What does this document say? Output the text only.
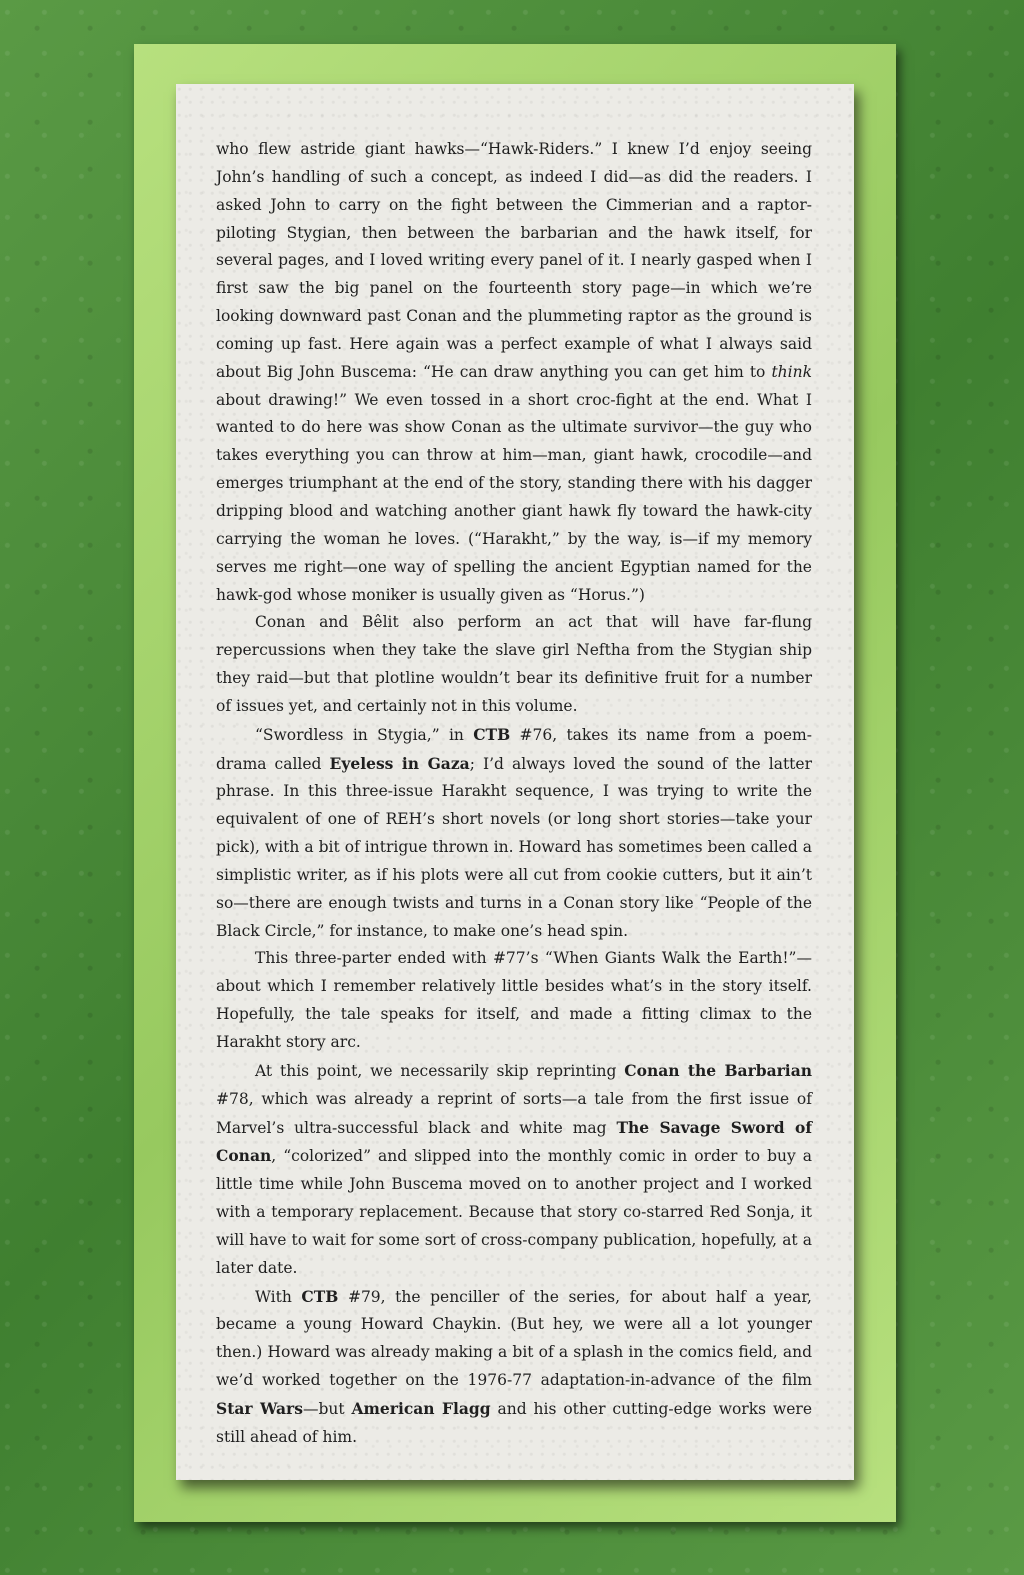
who flew astride giant hawks—“Hawk-Riders.” I knew I’d enjoy seeing John’s handling of such a concept, as indeed I did—as did the readers. I asked John to carry on the fight between the Cimmerian and a raptor-piloting Stygian, then between the barbarian and the hawk itself, for several pages, and I loved writing every panel of it. I nearly gasped when I first saw the big panel on the fourteenth story page—in which we’re looking downward past Conan and the plummeting raptor as the ground is coming up fast. Here again was a perfect example of what I always said about Big John Buscema: “He can draw anything you can get him to think about drawing!” We even tossed in a short croc-fight at the end. What I wanted to do here was show Conan as the ultimate survivor—the guy who takes everything you can throw at him—man, giant hawk, crocodile—and emerges triumphant at the end of the story, standing there with his dagger dripping blood and watching another giant hawk fly toward the hawk-city carrying the woman he loves. (“Harakht,” by the way, is—if my memory serves me right—one way of spelling the ancient Egyptian named for the hawk-god whose moniker is usually given as “Horus.”)

Conan and Bêlit also perform an act that will have far-flung repercussions when they take the slave girl Neftha from the Stygian ship they raid—but that plotline wouldn’t bear its definitive fruit for a number of issues yet, and certainly not in this volume.

“Swordless in Stygia,” in CTB #76, takes its name from a poem-drama called Eyeless in Gaza; I’d always loved the sound of the latter phrase. In this three-issue Harakht sequence, I was trying to write the equivalent of one of REH’s short novels (or long short stories—take your pick), with a bit of intrigue thrown in. Howard has sometimes been called a simplistic writer, as if his plots were all cut from cookie cutters, but it ain’t so—there are enough twists and turns in a Conan story like “People of the Black Circle,” for instance, to make one’s head spin.

This three-parter ended with #77’s “When Giants Walk the Earth!”—about which I remember relatively little besides what’s in the story itself. Hopefully, the tale speaks for itself, and made a fitting climax to the Harakht story arc.

At this point, we necessarily skip reprinting Conan the Barbarian #78, which was already a reprint of sorts—a tale from the first issue of Marvel’s ultra-successful black and white mag The Savage Sword of Conan, “colorized” and slipped into the monthly comic in order to buy a little time while John Buscema moved on to another project and I worked with a temporary replacement. Because that story co-starred Red Sonja, it will have to wait for some sort of cross-company publication, hopefully, at a later date.

With CTB #79, the penciller of the series, for about half a year, became a young Howard Chaykin. (But hey, we were all a lot younger then.) Howard was already making a bit of a splash in the comics field, and we’d worked together on the 1976-77 adaptation-in-advance of the film Star Wars—but American Flagg and his other cutting-edge works were still ahead of him.
